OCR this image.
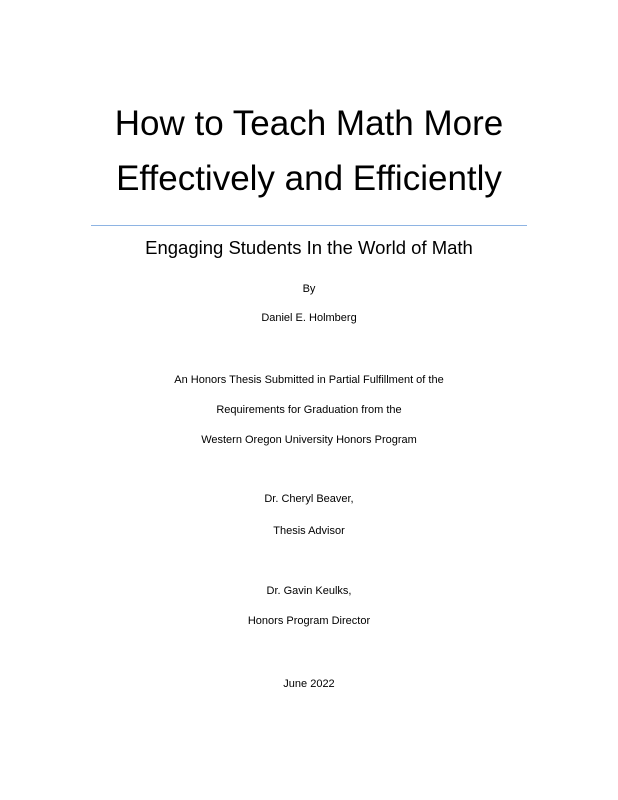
How to Teach Math More
Effectively and Efficiently
Engaging Students In the World of Math
By
Daniel E. Holmberg
An Honors Thesis Submitted in Partial Fulfillment of the
Requirements for Graduation from the
Western Oregon University Honors Program
Dr. Cheryl Beaver,
Thesis Advisor
Dr. Gavin Keulks,
Honors Program Director
June 2022
